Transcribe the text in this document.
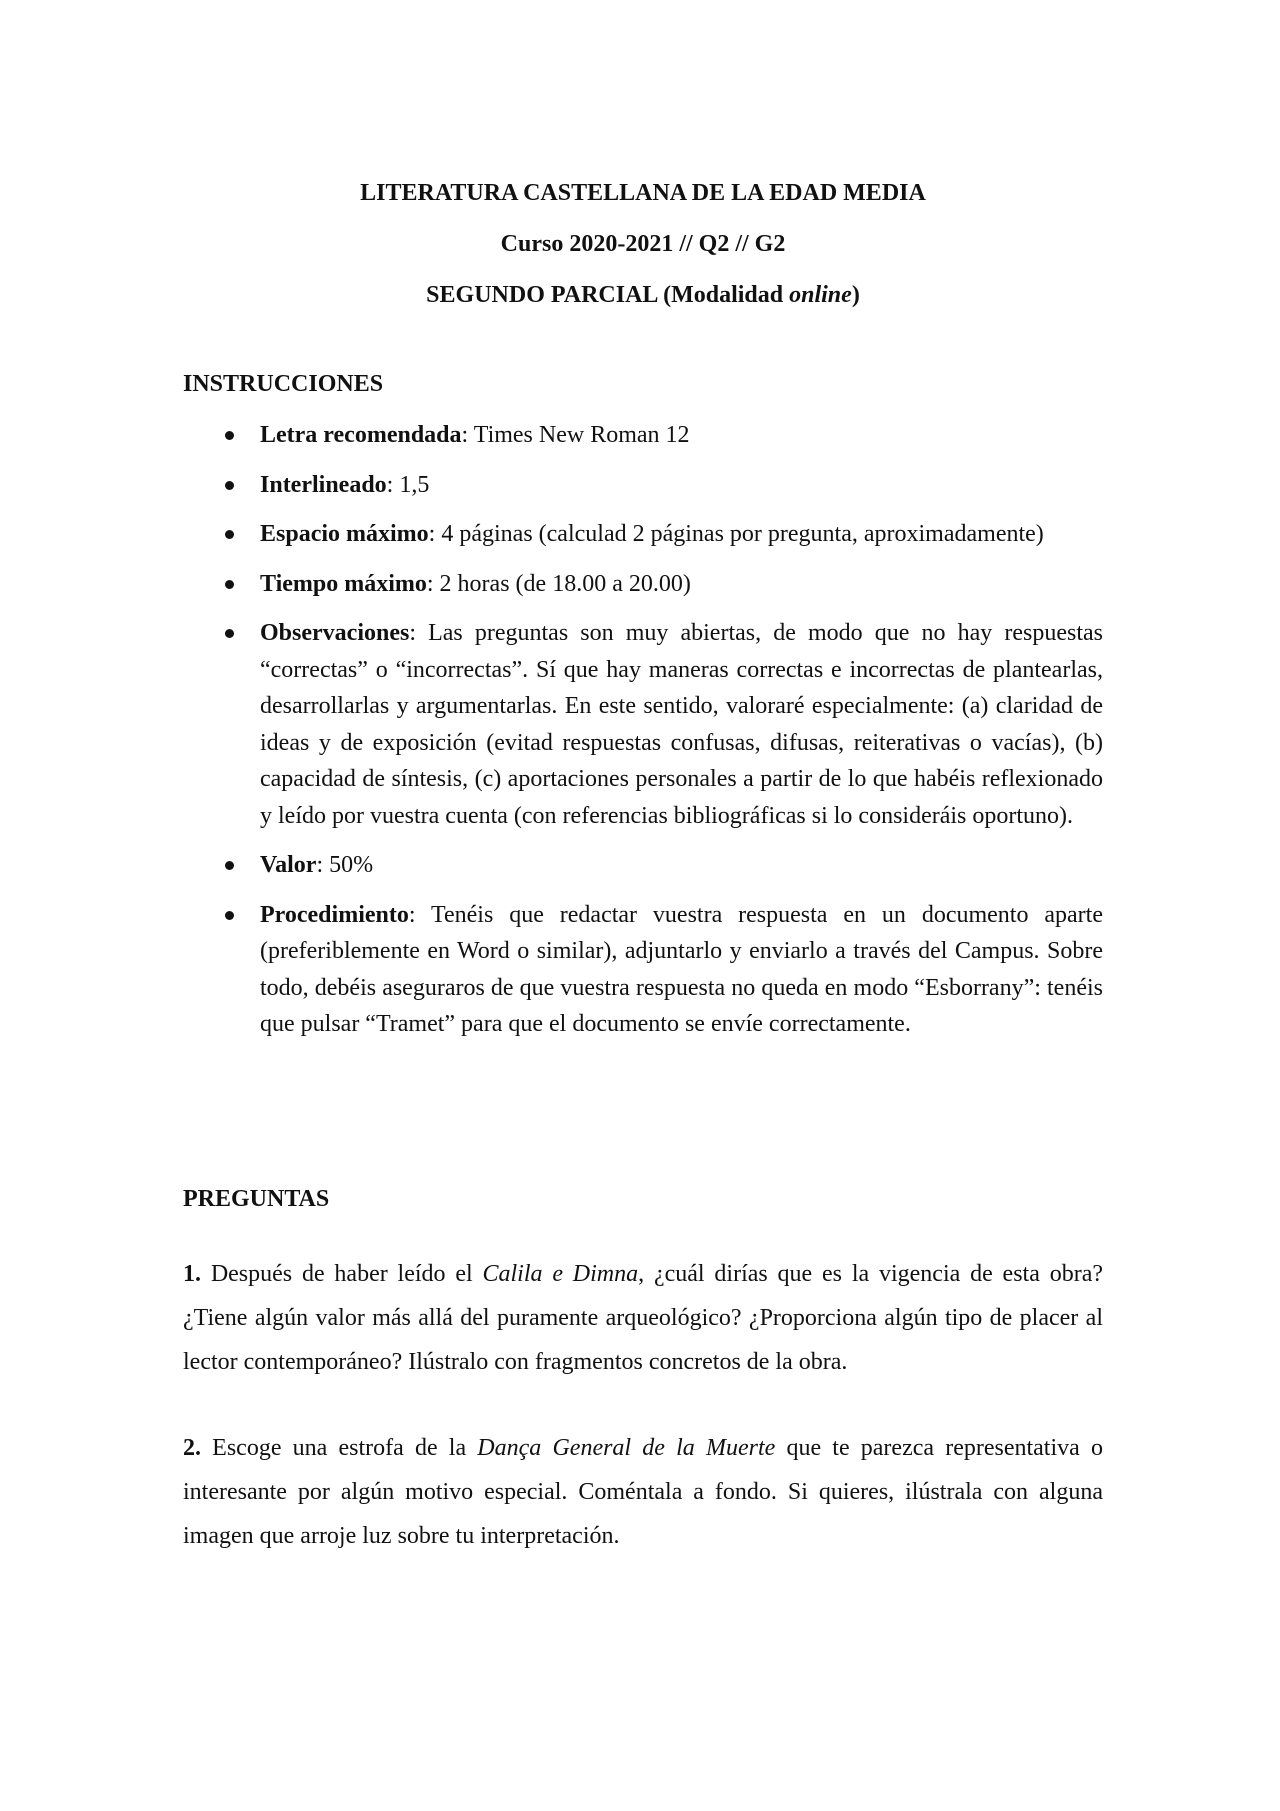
LITERATURA CASTELLANA DE LA EDAD MEDIA
Curso 2020-2021 // Q2 // G2
SEGUNDO PARCIAL (Modalidad online)
INSTRUCCIONES
Letra recomendada: Times New Roman 12
Interlineado: 1,5
Espacio máximo: 4 páginas (calculad 2 páginas por pregunta, aproximadamente)
Tiempo máximo: 2 horas (de 18.00 a 20.00)
Observaciones: Las preguntas son muy abiertas, de modo que no hay respuestas “correctas” o “incorrectas”. Sí que hay maneras correctas e incorrectas de plantearlas, desarrollarlas y argumentarlas. En este sentido, valoraré especialmente: (a) claridad de ideas y de exposición (evitad respuestas confusas, difusas, reiterativas o vacías), (b) capacidad de síntesis, (c) aportaciones personales a partir de lo que habéis reflexionado y leído por vuestra cuenta (con referencias bibliográficas si lo consideráis oportuno).
Valor: 50%
Procedimiento: Tenéis que redactar vuestra respuesta en un documento aparte (preferiblemente en Word o similar), adjuntarlo y enviarlo a través del Campus. Sobre todo, debéis aseguraros de que vuestra respuesta no queda en modo “Esborrany”: tenéis que pulsar “Tramet” para que el documento se envíe correctamente.
PREGUNTAS
1. Después de haber leído el Calila e Dimna, ¿cuál dirías que es la vigencia de esta obra? ¿Tiene algún valor más allá del puramente arqueológico? ¿Proporciona algún tipo de placer al lector contemporáneo? Ilústralo con fragmentos concretos de la obra.
2. Escoge una estrofa de la Dança General de la Muerte que te parezca representativa o interesante por algún motivo especial. Coméntala a fondo. Si quieres, ilústrala con alguna imagen que arroje luz sobre tu interpretación.
